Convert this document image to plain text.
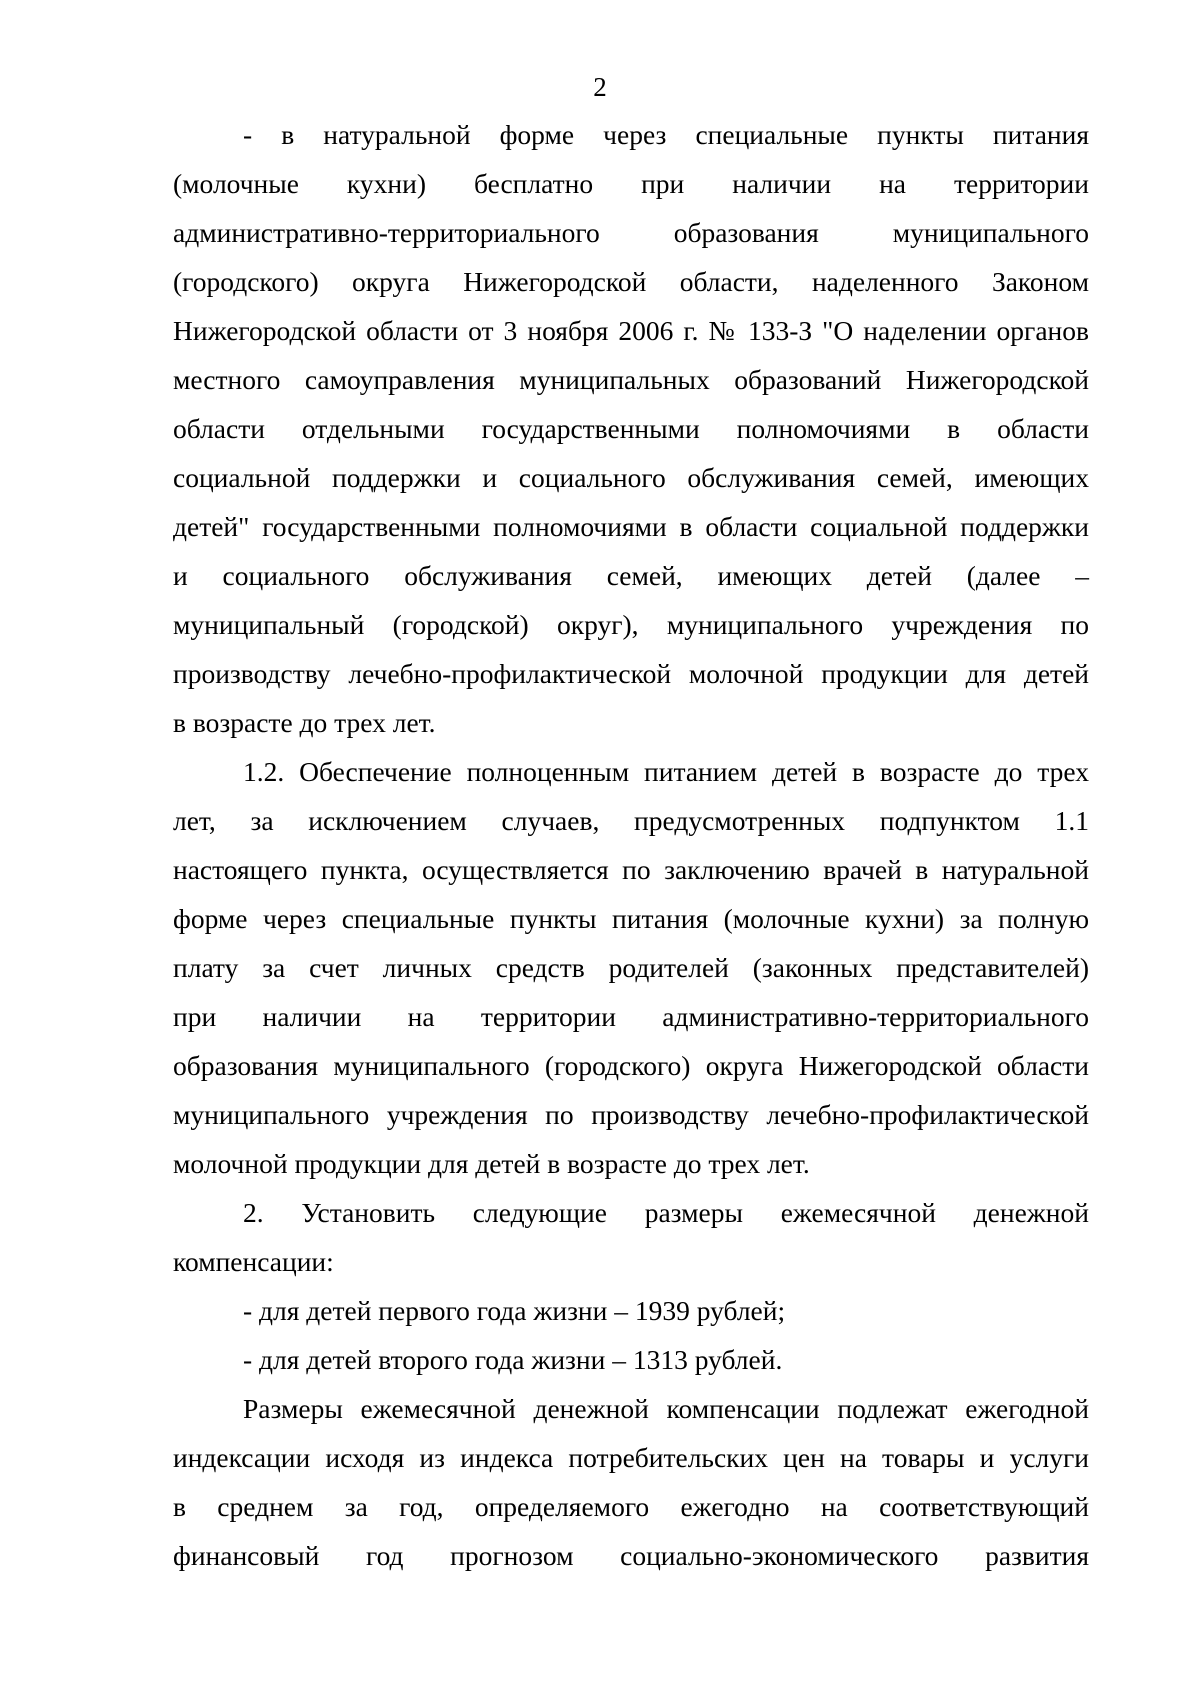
2

- в натуральной форме через специальные пункты питания
(молочные кухни) бесплатно при наличии на территории
административно-территориального образования муниципального
(городского) округа Нижегородской области, наделенного Законом
Нижегородской области от 3 ноября 2006 г. № 133-З "О наделении органов
местного самоуправления муниципальных образований Нижегородской
области отдельными государственными полномочиями в области
социальной поддержки и социального обслуживания семей, имеющих
детей" государственными полномочиями в области социальной поддержки
и социального обслуживания семей, имеющих детей (далее –
муниципальный (городской) округ), муниципального учреждения по
производству лечебно-профилактической молочной продукции для детей
в возрасте до трех лет.

1.2. Обеспечение полноценным питанием детей в возрасте до трех
лет, за исключением случаев, предусмотренных подпунктом 1.1
настоящего пункта, осуществляется по заключению врачей в натуральной
форме через специальные пункты питания (молочные кухни) за полную
плату за счет личных средств родителей (законных представителей)
при наличии на территории административно-территориального
образования муниципального (городского) округа Нижегородской области
муниципального учреждения по производству лечебно-профилактической
молочной продукции для детей в возрасте до трех лет.

2. Установить следующие размеры ежемесячной денежной
компенсации:

- для детей первого года жизни – 1939 рублей;

- для детей второго года жизни – 1313 рублей.

Размеры ежемесячной денежной компенсации подлежат ежегодной
индексации исходя из индекса потребительских цен на товары и услуги
в среднем за год, определяемого ежегодно на соответствующий
финансовый год прогнозом социально-экономического развития
